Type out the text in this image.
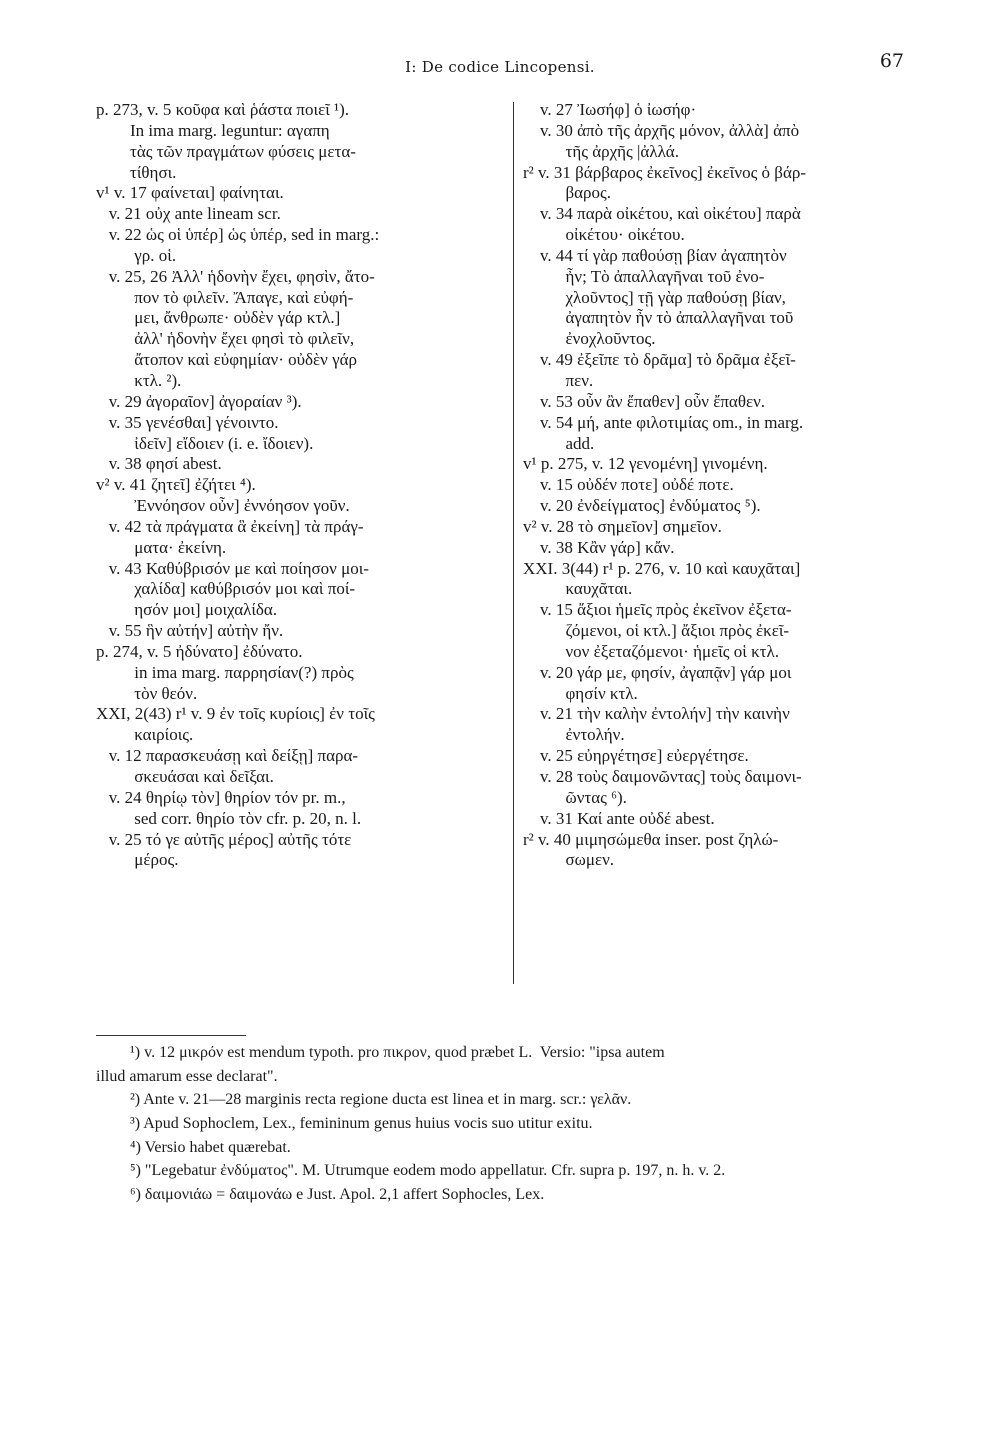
I: De codice Lincopensi.	67
p. 273, v. 5 κοῦφα καὶ ῥάστα ποιεῖ ¹).
In ima marg. leguntur: αγαπη
τὰς τῶν πραγμάτων φύσεις μετα-
τίθησι.
v¹ v. 17 φαίνεται] φαίνηται.
v. 21 οὐχ ante lineam scr.
v. 22 ὡς οἱ ὑπέρ] ὡς ὑπέρ, sed in marg.:
γρ. οἱ.
v. 25, 26 Ἀλλ' ἡδονὴν ἔχει, φησὶν, ἄτο-
πον τὸ φιλεῖν. Ἄπαγε, καὶ εὐφή-
μει, ἄνθρωπε· οὐδὲν γάρ κτλ.]
ἀλλ' ἡδονὴν ἔχει φησὶ τὸ φιλεῖν,
ἄτοπον καὶ εὐφημίαν· οὐδὲν γάρ
κτλ. ²).
v. 29 ἀγοραῖον] ἀγοραίαν ³).
v. 35 γενέσθαι] γένοιντο.
ἰδεῖν] εἴδοιεν (i. e. ἴδοιεν).
v. 38 φησί abest.
v² v. 41 ζητεῖ] ἐζήτει ⁴).
Ἐννόησον οὖν] ἐννόησον γοῦν.
v. 42 τὰ πράγματα ἃ ἐκείνη] τὰ πράγ-
ματα· ἐκείνη.
v. 43 Καθύβρισόν με καὶ ποίησον μοι-
χαλίδα] καθύβρισόν μοι καὶ ποί-
ησόν μοι] μοιχαλίδα.
v. 55 ἣν αὐτήν] αὐτὴν ἤν.
p. 274, v. 5 ἠδύνατο] ἐδύνατο.
in ima marg. παρρησίαν(?) πρὸς
τὸν θεόν.
XXI, 2(43) r¹ v. 9 ἐν τοῖς κυρίοις] ἐν τοῖς
καιρίοις.
v. 12 παρασκευάσῃ καὶ δείξῃ] παρα-
σκευάσαι καὶ δεῖξαι.
v. 24 θηρίῳ τὸν] θηρίον τόν pr. m.,
sed corr. θηρίο τὸν cfr. p. 20, n. l.
v. 25 τό γε αὐτῆς μέρος] αὐτῆς τότε
μέρος.
v. 27 Ἰωσήφ] ὁ ἰωσήφ·
v. 30 ἀπὸ τῆς ἀρχῆς μόνον, ἀλλὰ] ἀπὸ
τῆς ἀρχῆς |ἀλλά.
r² v. 31 βάρβαρος ἐκεῖνος] ἐκεῖνος ὁ βάρ-
βαρος.
v. 34 παρὰ οἰκέτου, καὶ οἰκέτου] παρὰ
οἰκέτου· οἰκέτου.
v. 44 τί γὰρ παθούσῃ βίαν ἀγαπητὸν
ἦν; Τὸ ἀπαλλαγῆναι τοῦ ἐνο-
χλοῦντος] τῇ γὰρ παθούσῃ βίαν,
ἀγαπητὸν ἦν τὸ ἀπαλλαγῆναι τοῦ
ἐνοχλοῦντος.
v. 49 ἐξεῖπε τὸ δρᾶμα] τὸ δρᾶμα ἐξεῖ-
πεν.
v. 53 οὖν ἂν ἔπαθεν] οὖν ἔπαθεν.
v. 54 μή, ante φιλοτιμίας om., in marg.
add.
v¹ p. 275, v. 12 γενομένη] γινομένη.
v. 15 οὐδέν ποτε] οὐδέ ποτε.
v. 20 ἐνδείγματος] ἐνδύματος ⁵).
v² v. 28 τὸ σημεῖον] σημεῖον.
v. 38 Κἂν γάρ] κἄν.
XXI. 3(44) r¹ p. 276, v. 10 καὶ καυχᾶται]
καυχᾶται.
v. 15 ἄξιοι ἡμεῖς πρὸς ἐκεῖνον ἐξετα-
ζόμενοι, οἱ κτλ.] ἄξιοι πρὸς ἐκεῖ-
νον ἐξεταζόμενοι· ἡμεῖς οἱ κτλ.
v. 20 γάρ με, φησίν, ἀγαπᾷν] γάρ μοι
φησίν κτλ.
v. 21 τὴν καλὴν ἐντολήν] τὴν καινὴν
ἐντολήν.
v. 25 εὐηργέτησε] εὐεργέτησε.
v. 28 τοὺς δαιμονῶντας] τοὺς δαιμονι-
ῶντας ⁶).
v. 31 Καί ante οὐδέ abest.
r² v. 40 μιμησώμεθα inser. post ζηλώ-
σωμεν.
¹) v. 12 μικρόν est mendum typoth. pro πικρον, quod præbet L.  Versio: "ipsa autem
illud amarum esse declarat".
²) Ante v. 21—28 marginis recta regione ducta est linea et in marg. scr.: γελᾶν.
³) Apud Sophoclem, Lex., femininum genus huius vocis suo utitur exitu.
⁴) Versio habet quærebat.
⁵) "Legebatur ἐνδύματος". M. Utrumque eodem modo appellatur. Cfr. supra p. 197, n. h. v. 2.
⁶) δαιμονιάω = δαιμονάω e Just. Apol. 2,1 affert Sophocles, Lex.
